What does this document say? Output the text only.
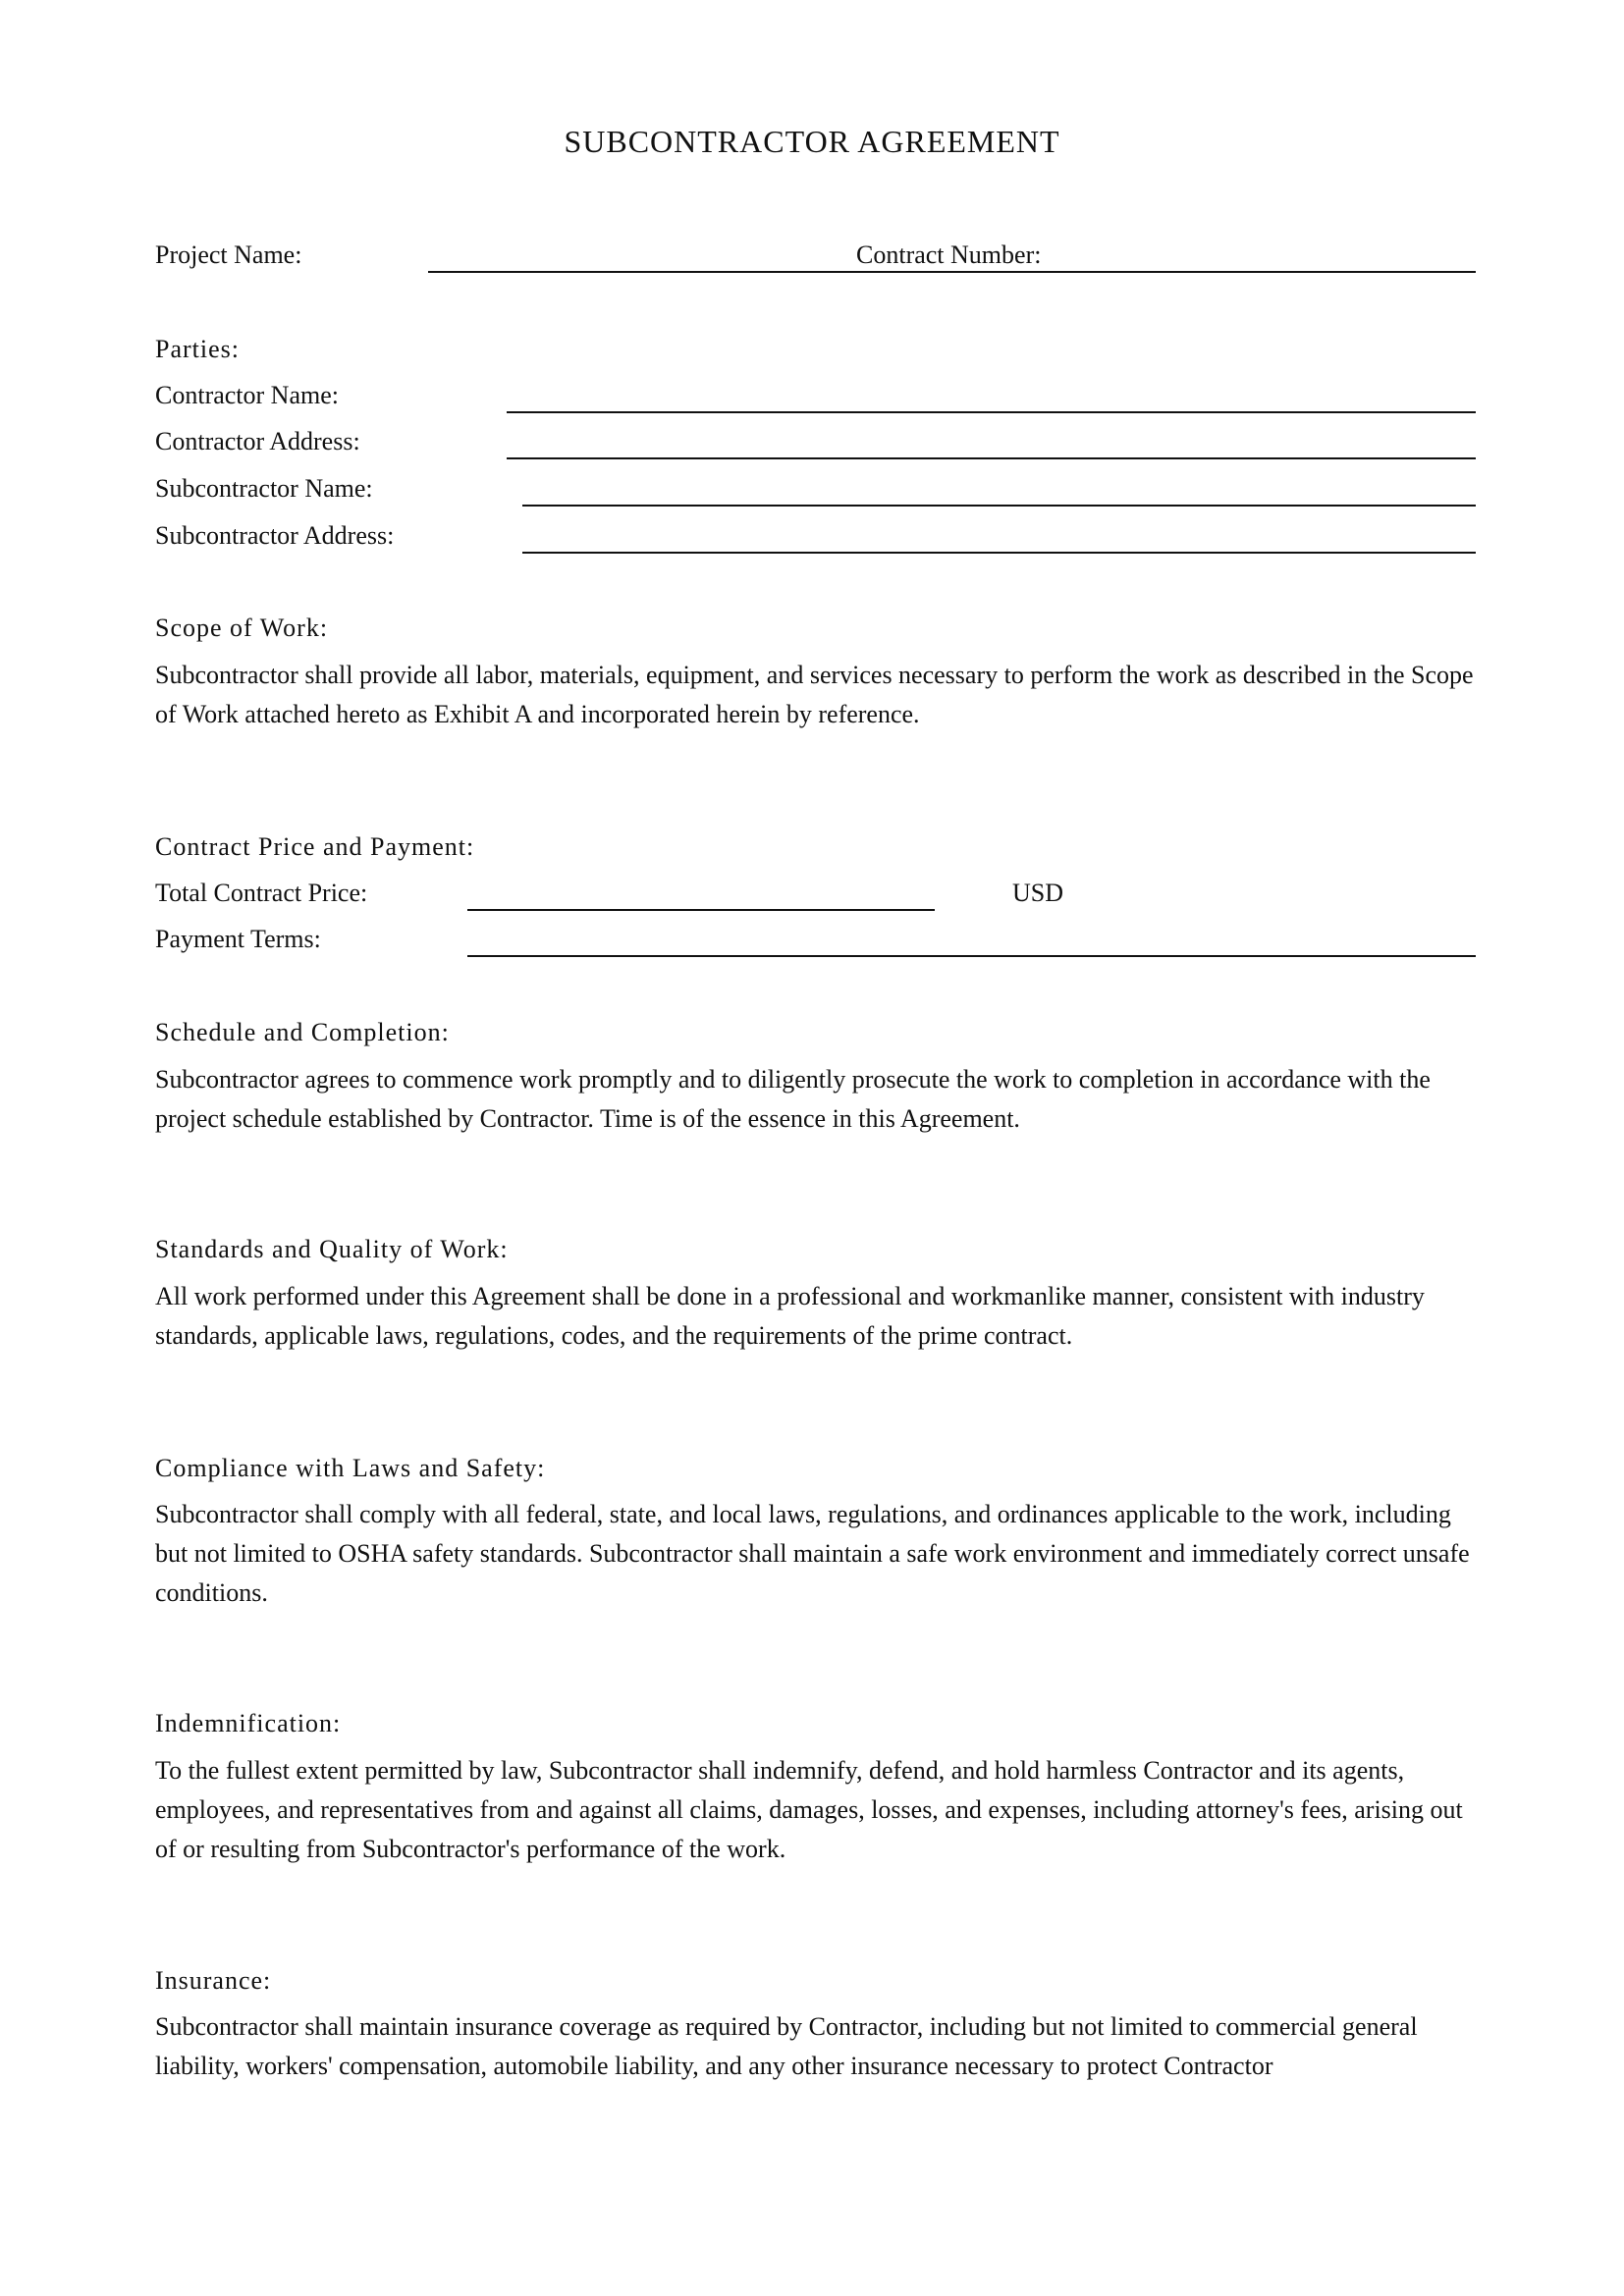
SUBCONTRACTOR AGREEMENT
Project Name:	Contract Number:
Parties:
Contractor Name:
Contractor Address:
Subcontractor Name:
Subcontractor Address:
Scope of Work:
Subcontractor shall provide all labor, materials, equipment, and services necessary to perform the work as described in the Scope of Work attached hereto as Exhibit A and incorporated herein by reference.
Contract Price and Payment:
Total Contract Price:	USD
Payment Terms:
Schedule and Completion:
Subcontractor agrees to commence work promptly and to diligently prosecute the work to completion in accordance with the project schedule established by Contractor. Time is of the essence in this Agreement.
Standards and Quality of Work:
All work performed under this Agreement shall be done in a professional and workmanlike manner, consistent with industry standards, applicable laws, regulations, codes, and the requirements of the prime contract.
Compliance with Laws and Safety:
Subcontractor shall comply with all federal, state, and local laws, regulations, and ordinances applicable to the work, including but not limited to OSHA safety standards. Subcontractor shall maintain a safe work environment and immediately correct unsafe conditions.
Indemnification:
To the fullest extent permitted by law, Subcontractor shall indemnify, defend, and hold harmless Contractor and its agents, employees, and representatives from and against all claims, damages, losses, and expenses, including attorney's fees, arising out of or resulting from Subcontractor's performance of the work.
Insurance:
Subcontractor shall maintain insurance coverage as required by Contractor, including but not limited to commercial general liability, workers' compensation, automobile liability, and any other insurance necessary to protect Contractor
